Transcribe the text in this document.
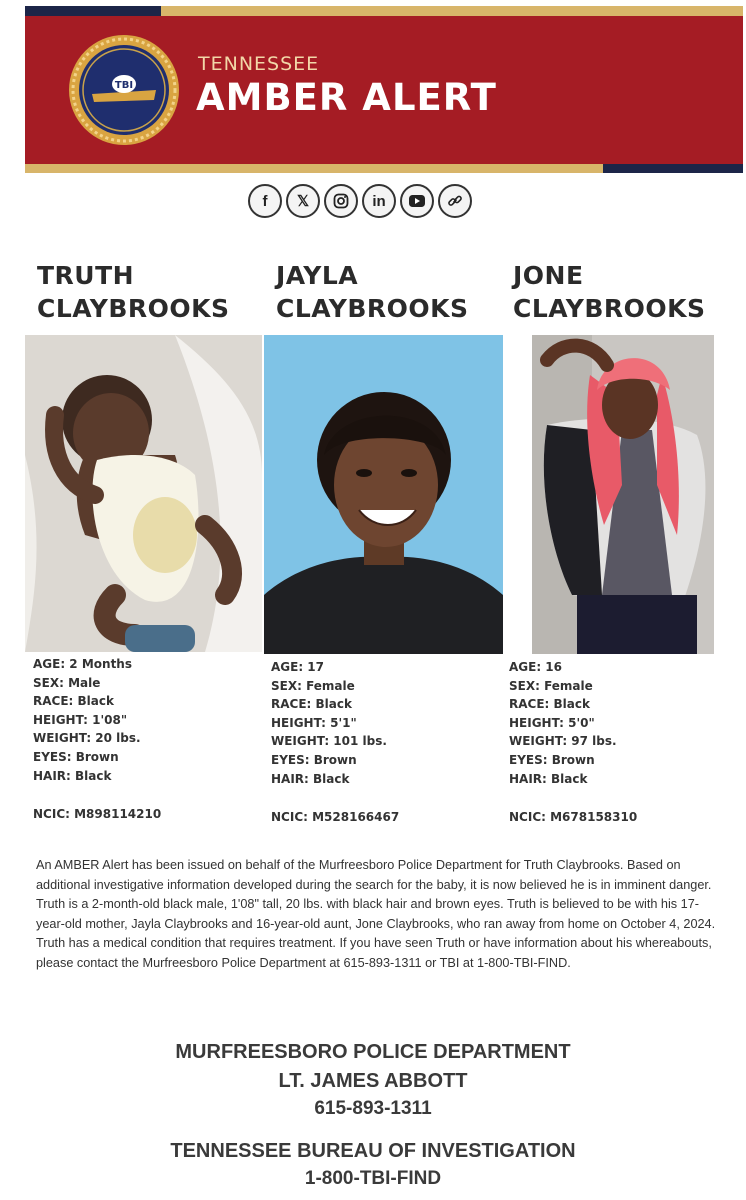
TBI
TENNESSEE
AMBER ALERT
f	𝕏	in
TRUTH
CLAYBROOKS
JAYLA
CLAYBROOKS
JONE
CLAYBROOKS
AGE: 2 Months
SEX: Male
RACE: Black
HEIGHT: 1'08"
WEIGHT: 20 lbs.
EYES: Brown
HAIR: Black
NCIC: M898114210
AGE: 17
SEX: Female
RACE: Black
HEIGHT: 5'1"
WEIGHT: 101 lbs.
EYES: Brown
HAIR: Black
NCIC: M528166467
AGE: 16
SEX: Female
RACE: Black
HEIGHT: 5'0"
WEIGHT: 97 lbs.
EYES: Brown
HAIR: Black
NCIC: M678158310
An AMBER Alert has been issued on behalf of the Murfreesboro Police Department for Truth Claybrooks. Based on additional investigative information developed during the search for the baby, it is now believed he is in imminent danger. Truth is a 2-month-old black male, 1'08" tall, 20 lbs. with black hair and brown eyes. Truth is believed to be with his 17-year-old mother, Jayla Claybrooks and 16-year-old aunt, Jone Claybrooks, who ran away from home on October 4, 2024. Truth has a medical condition that requires treatment. If you have seen Truth or have information about his whereabouts, please contact the Murfreesboro Police Department at 615-893-1311 or TBI at 1-800-TBI-FIND.
MURFREESBORO POLICE DEPARTMENT
LT. JAMES ABBOTT
615-893-1311
TENNESSEE BUREAU OF INVESTIGATION
1-800-TBI-FIND
